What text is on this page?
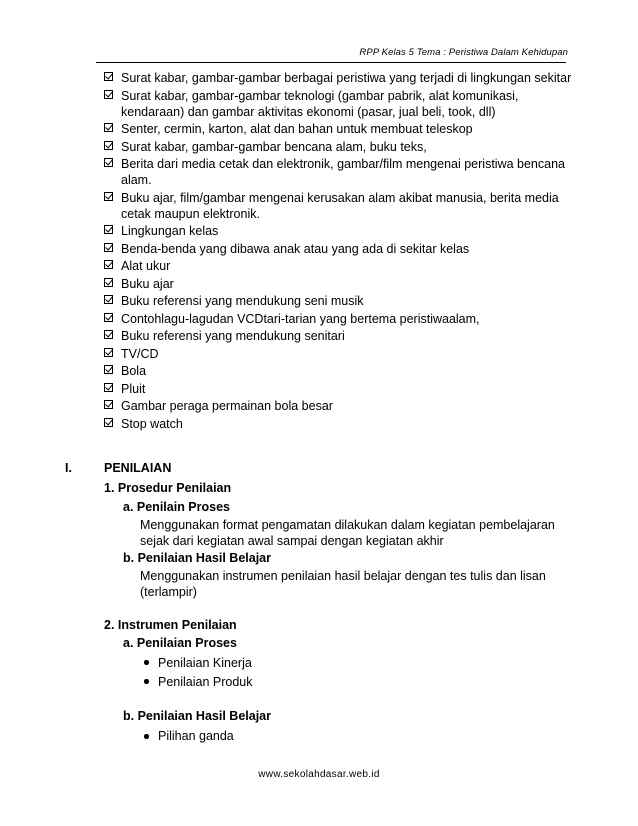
RPP Kelas 5 Tema : Peristiwa Dalam Kehidupan
Surat kabar, gambar-gambar berbagai peristiwa yang terjadi di lingkungan sekitar
Surat kabar, gambar-gambar teknologi (gambar pabrik, alat komunikasi, kendaraan) dan gambar aktivitas ekonomi (pasar, jual beli, took, dll)
Senter, cermin, karton, alat dan bahan untuk membuat teleskop
Surat kabar, gambar-gambar bencana alam, buku teks,
Berita dari media cetak dan elektronik, gambar/film mengenai peristiwa bencana alam.
Buku ajar, film/gambar mengenai kerusakan alam akibat manusia, berita media cetak maupun elektronik.
Lingkungan kelas
Benda-benda yang dibawa anak atau yang ada di sekitar kelas
Alat ukur
Buku ajar
Buku referensi yang mendukung seni musik
Contohlagu-lagudan VCDtari-tarian yang bertema peristiwaalam,
Buku referensi yang mendukung senitari
TV/CD
Bola
Pluit
Gambar peraga permainan bola besar
Stop watch
I.	PENILAIAN
1. Prosedur Penilaian
a. Penilain Proses
Menggunakan format pengamatan dilakukan dalam kegiatan pembelajaran sejak dari kegiatan awal sampai dengan kegiatan akhir
b. Penilaian Hasil Belajar
Menggunakan instrumen penilaian hasil belajar dengan tes tulis dan lisan (terlampir)
2. Instrumen Penilaian
a. Penilaian Proses
Penilaian Kinerja
Penilaian Produk
b. Penilaian Hasil Belajar
Pilihan ganda
www.sekolahdasar.web.id
